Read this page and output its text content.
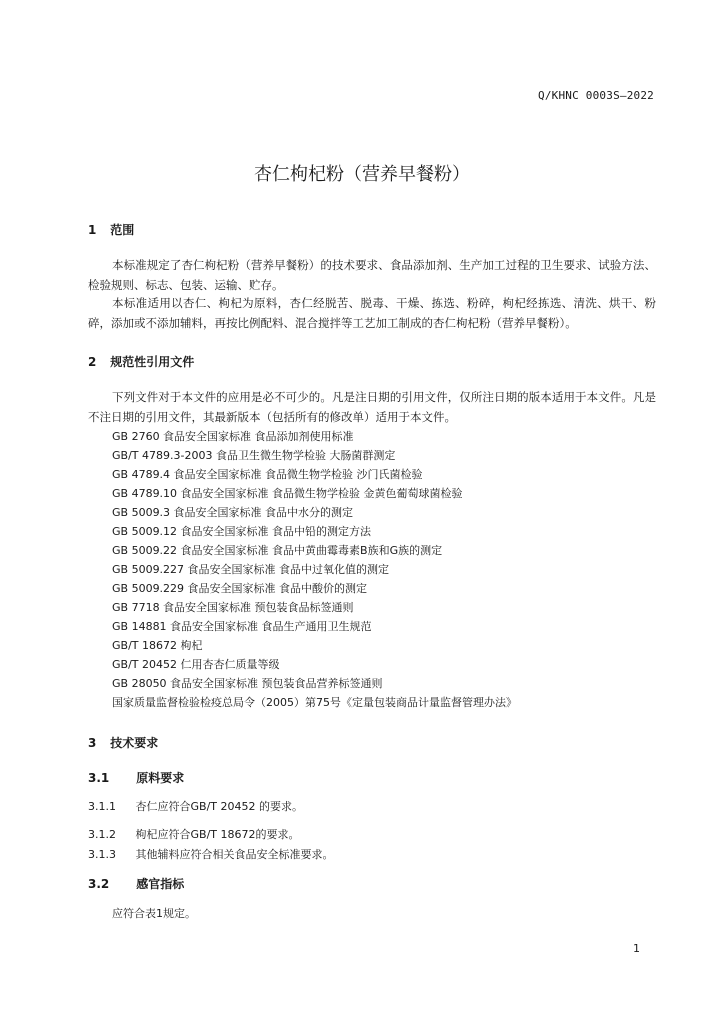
Q/KHNC 0003S—2022
杏仁枸杞粉（营养早餐粉）
1 范围
本标准规定了杏仁枸杞粉（营养早餐粉）的技术要求、食品添加剂、生产加工过程的卫生要求、试验方法、检验规则、标志、包装、运输、贮存。
本标准适用以杏仁、枸杞为原料，杏仁经脱苦、脱毒、干燥、拣选、粉碎，枸杞经拣选、清洗、烘干、粉碎，添加或不添加辅料，再按比例配料、混合搅拌等工艺加工制成的杏仁枸杞粉（营养早餐粉）。
2 规范性引用文件
下列文件对于本文件的应用是必不可少的。凡是注日期的引用文件，仅所注日期的版本适用于本文件。凡是不注日期的引用文件，其最新版本（包括所有的修改单）适用于本文件。
GB 2760 食品安全国家标准 食品添加剂使用标准
GB/T 4789.3-2003 食品卫生微生物学检验 大肠菌群测定
GB 4789.4 食品安全国家标准 食品微生物学检验 沙门氏菌检验
GB 4789.10 食品安全国家标准 食品微生物学检验 金黄色葡萄球菌检验
GB 5009.3 食品安全国家标准 食品中水分的测定
GB 5009.12 食品安全国家标准 食品中铅的测定方法
GB 5009.22 食品安全国家标准 食品中黄曲霉毒素B族和G族的测定
GB 5009.227 食品安全国家标准 食品中过氧化值的测定
GB 5009.229 食品安全国家标准 食品中酸价的测定
GB 7718 食品安全国家标准 预包装食品标签通则
GB 14881 食品安全国家标准 食品生产通用卫生规范
GB/T 18672 枸杞
GB/T 20452 仁用杏杏仁质量等级
GB 28050 食品安全国家标准 预包装食品营养标签通则
国家质量监督检验检疫总局令（2005）第75号《定量包装商品计量监督管理办法》
3 技术要求
3.1 原料要求
3.1.1 杏仁应符合GB/T 20452 的要求。
3.1.2 枸杞应符合GB/T 18672的要求。
3.1.3 其他辅料应符合相关食品安全标准要求。
3.2 感官指标
应符合表1规定。
1
